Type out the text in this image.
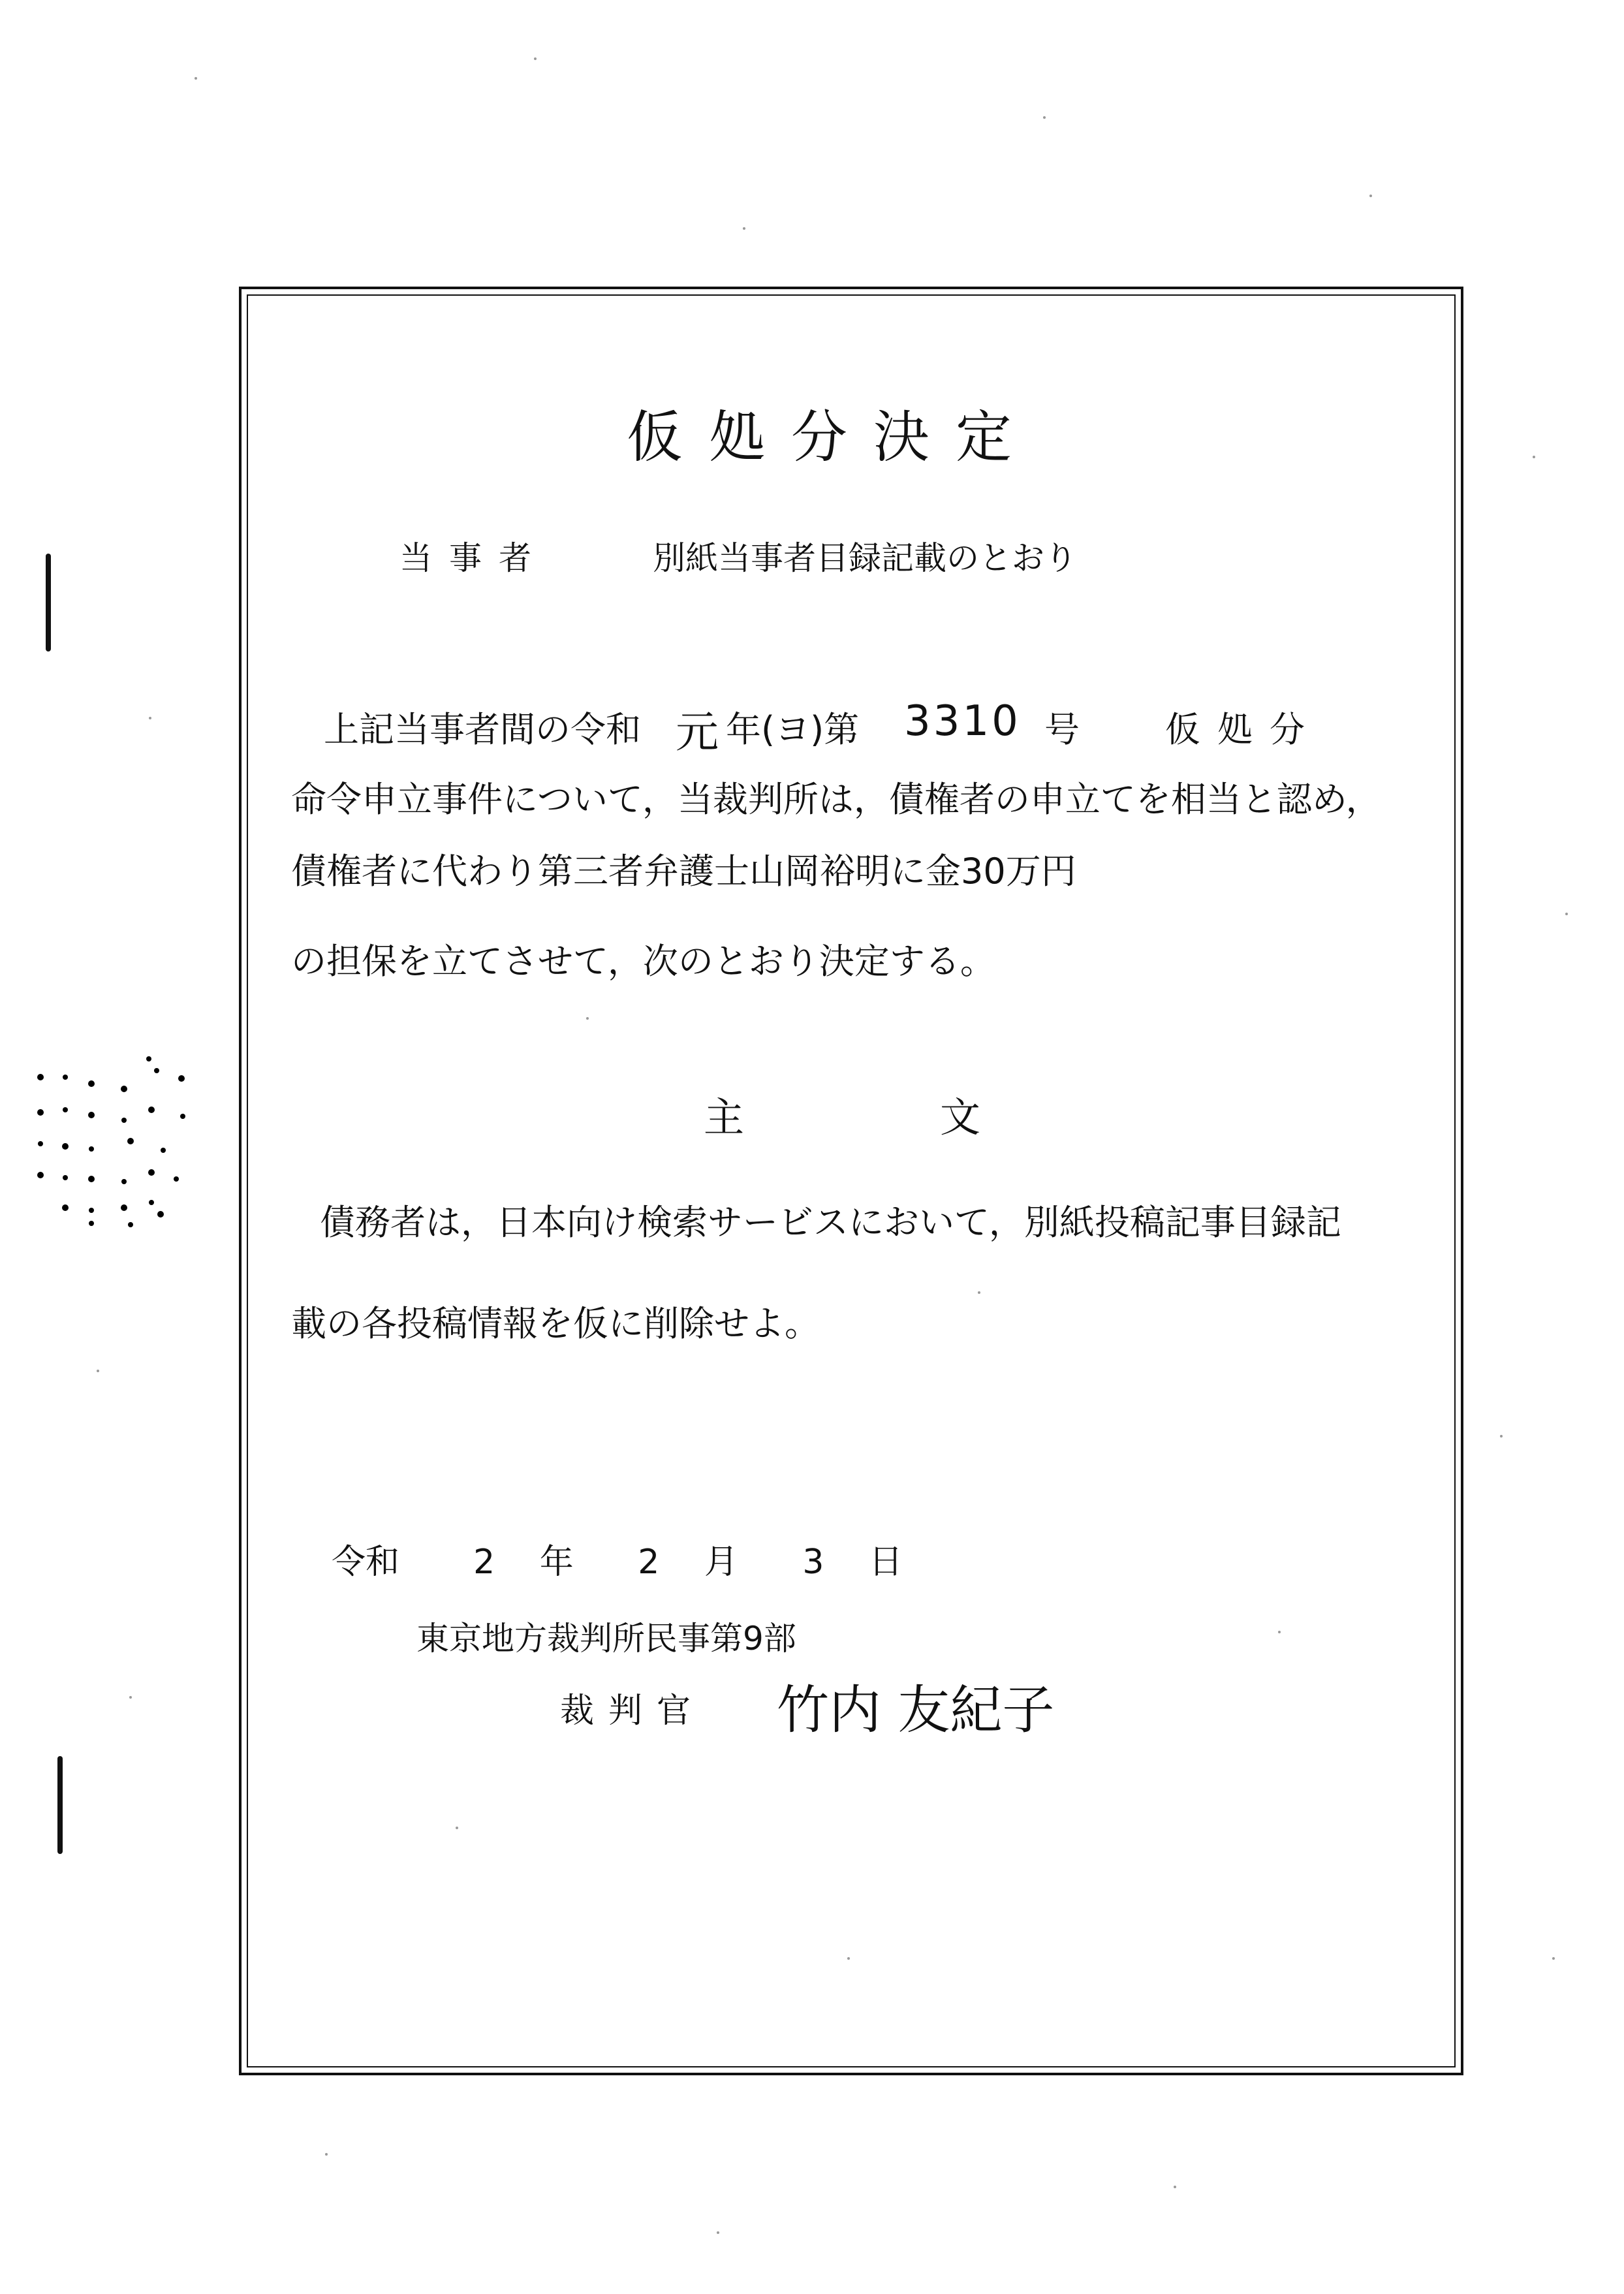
仮処分決定
当事者	別紙当事者目録記載のとおり
上記当事者間の令和 元 年(ヨ)第 3310 号 仮処分
命令申立事件について，当裁判所は，債権者の申立てを相当と認め，
債権者に代わり第三者弁護士山岡裕明に金30万円
の担保を立てさせて，次のとおり決定する。
主	文
債務者は，日本向け検索サービスにおいて，別紙投稿記事目録記
載の各投稿情報を仮に削除せよ。
令和 2 年 2 月 3 日
東京地方裁判所民事第9部
裁判官 竹内 友紀子
